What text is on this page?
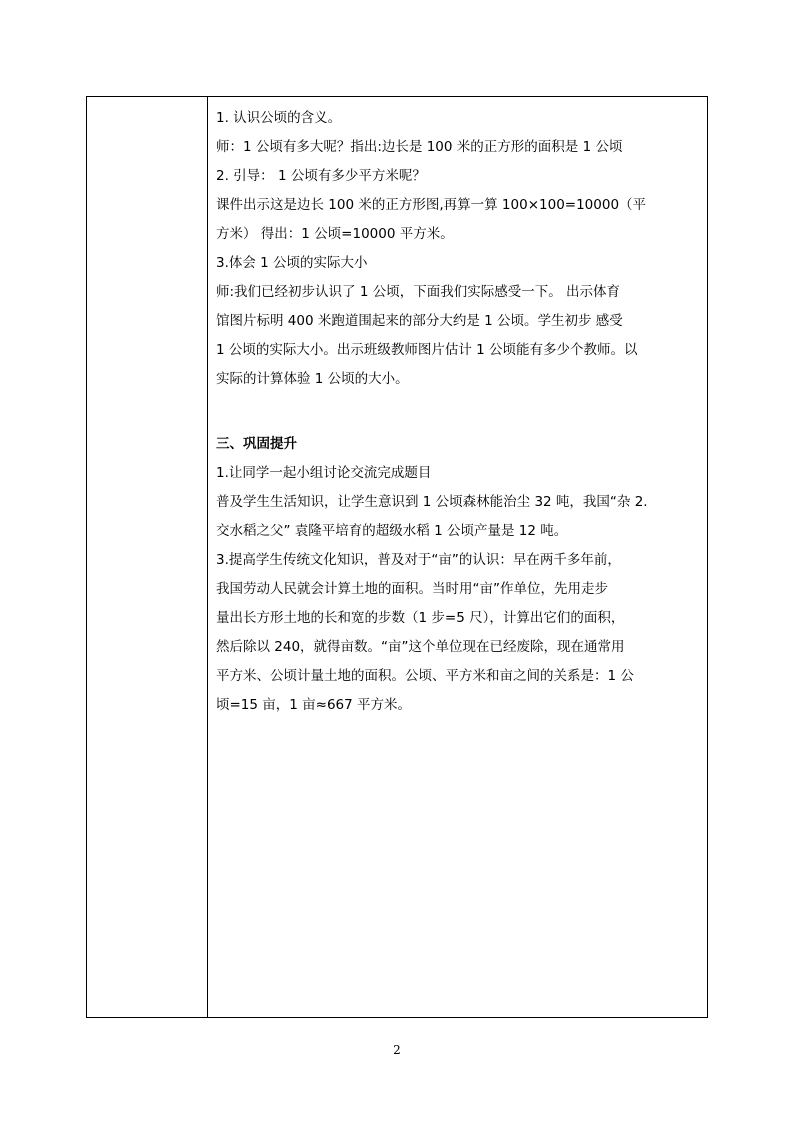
1. 认识公顷的含义。
师：1 公顷有多大呢？指出:边长是 100 米的正方形的面积是 1 公顷
2. 引导： 1 公顷有多少平方米呢？
课件出示这是边长 100 米的正方形图,再算一算 100×100=10000（平
方米） 得出：1 公顷=10000 平方米。
3.体会 1 公顷的实际大小
师:我们已经初步认识了 1 公顷，下面我们实际感受一下。 出示体育
馆图片标明 400 米跑道围起来的部分大约是 1 公顷。学生初步 感受
1 公顷的实际大小。出示班级教师图片估计 1 公顷能有多少个教师。以
实际的计算体验 1 公顷的大小。
三、巩固提升
1.让同学一起小组讨论交流完成题目
普及学生生活知识，让学生意识到 1 公顷森林能治尘 32 吨，我国“杂 2.
交水稻之父” 袁隆平培育的超级水稻 1 公顷产量是 12 吨。
3.提高学生传统文化知识，普及对于“亩”的认识：早在两千多年前，
我国劳动人民就会计算土地的面积。当时用“亩”作单位，先用走步
量出长方形土地的长和宽的步数（1 步=5 尺），计算出它们的面积，
然后除以 240，就得亩数。“亩”这个单位现在已经废除，现在通常用
平方米、公顷计量土地的面积。公顷、平方米和亩之间的关系是：1 公
顷=15 亩，1 亩≈667 平方米。
2
